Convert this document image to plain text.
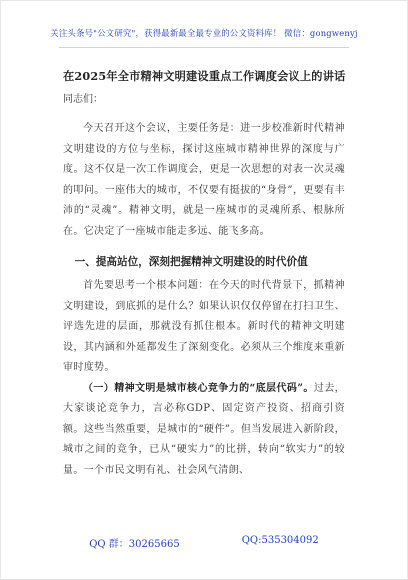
关注头条号"公文研究"，获得最新最全最专业的公文资料库！ 微信：gongwenyj
在2025年全市精神文明建设重点工作调度会议上的讲话
同志们：

今天召开这个会议，主要任务是：进一步校准新时代精神文明建设的方位与坐标，探讨这座城市精神世界的深度与广度。这不仅是一次工作调度会，更是一次思想的对表一次灵魂的叩问。一座伟大的城市，不仅要有挺拔的“身骨”，更要有丰沛的“灵魂”。精神文明，就是一座城市的灵魂所系、根脉所在。它决定了一座城市能走多远、能飞多高。

一、提高站位，深刻把握精神文明建设的时代价值

首先要思考一个根本问题：在今天的时代背景下，抓精神文明建设，到底抓的是什么？如果认识仅仅停留在打扫卫生、评选先进的层面，那就没有抓住根本。新时代的精神文明建设，其内涵和外延都发生了深刻变化。必须从三个维度来重新审时度势。

（一）精神文明是城市核心竞争力的“底层代码”。过去，大家谈论竞争力，言必称GDP、固定资产投资、招商引资额。这些当然重要，是城市的“硬件”。但当发展进入新阶段，城市之间的竞争，已从“硬实力”的比拼，转向“软实力”的较量。一个市民文明有礼、社会风气清朗、

QQ 群：30265665	QQ:535304092
